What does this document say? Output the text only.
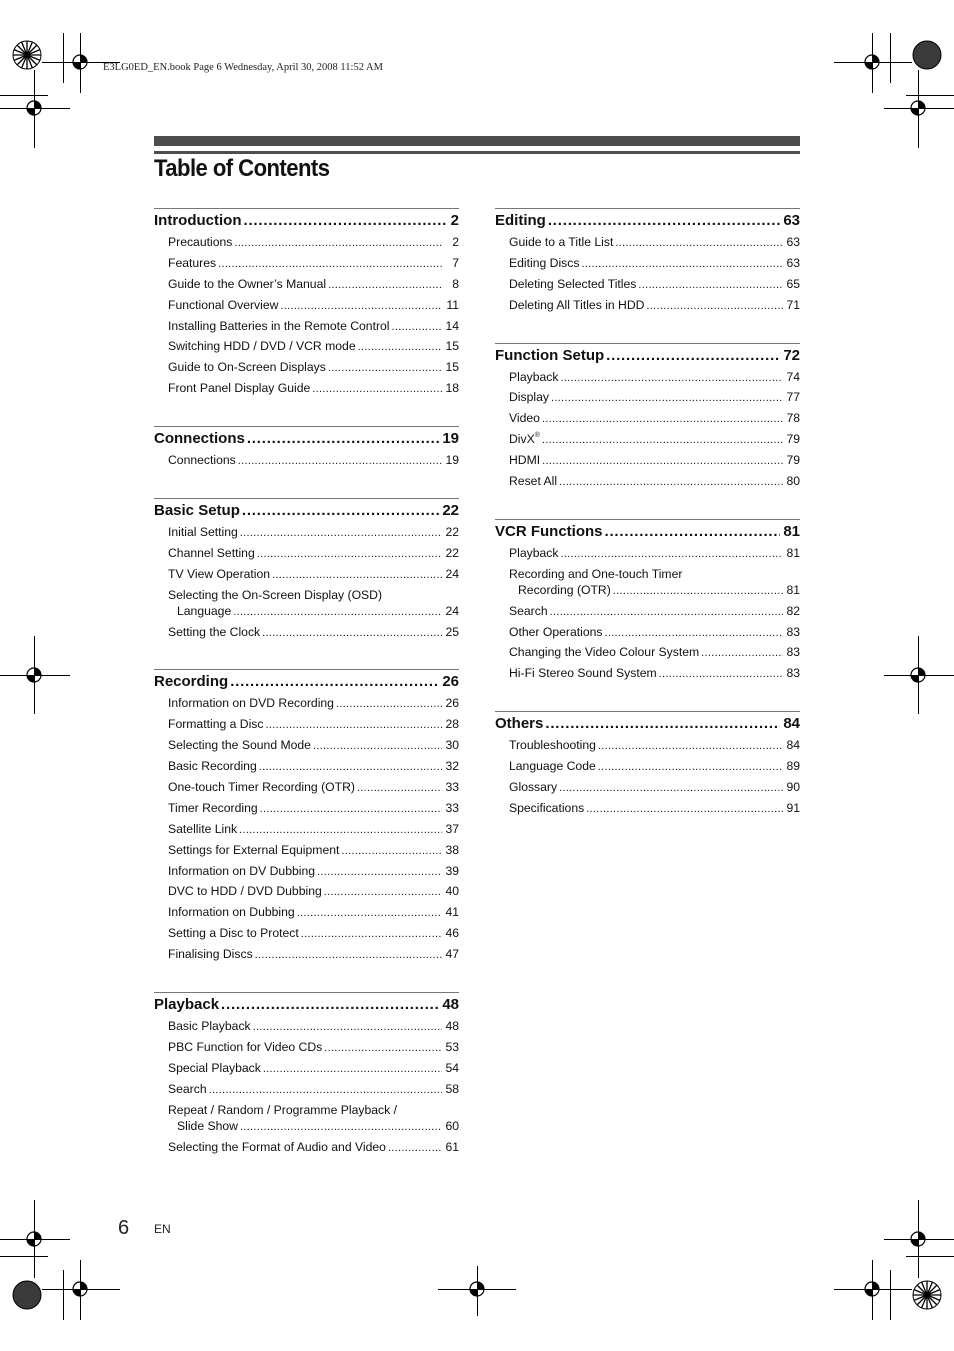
E3LG0ED_EN.book Page 6 Wednesday, April 30, 2008 11:52 AM
Table of Contents
Introduction .....	2
Precautions .....	2
Features .....	7
Guide to the Owner’s Manual .....	8
Functional Overview .....	11
Installing Batteries in the Remote Control .....	14
Switching HDD / DVD / VCR mode .....	15
Guide to On-Screen Displays .....	15
Front Panel Display Guide .....	18
Connections .....	19
Connections .....	19
Basic Setup .....	22
Initial Setting .....	22
Channel Setting .....	22
TV View Operation .....	24
Selecting the On-Screen Display (OSD)
Language .....	24
Setting the Clock .....	25
Recording .....	26
Information on DVD Recording .....	26
Formatting a Disc .....	28
Selecting the Sound Mode .....	30
Basic Recording .....	32
One-touch Timer Recording (OTR) .....	33
Timer Recording .....	33
Satellite Link .....	37
Settings for External Equipment .....	38
Information on DV Dubbing .....	39
DVC to HDD / DVD Dubbing .....	40
Information on Dubbing .....	41
Setting a Disc to Protect .....	46
Finalising Discs .....	47
Playback .....	48
Basic Playback .....	48
PBC Function for Video CDs .....	53
Special Playback .....	54
Search .....	58
Repeat / Random / Programme Playback /
Slide Show .....	60
Selecting the Format of Audio and Video .....	61
Editing .....	63
Guide to a Title List .....	63
Editing Discs .....	63
Deleting Selected Titles .....	65
Deleting All Titles in HDD .....	71
Function Setup .....	72
Playback .....	74
Display .....	77
Video .....	78
DivX® .....	79
HDMI .....	79
Reset All .....	80
VCR Functions .....	81
Playback .....	81
Recording and One-touch Timer
Recording (OTR) .....	81
Search .....	82
Other Operations .....	83
Changing the Video Colour System .....	83
Hi-Fi Stereo Sound System .....	83
Others .....	84
Troubleshooting .....	84
Language Code .....	89
Glossary .....	90
Specifications .....	91
6 EN
